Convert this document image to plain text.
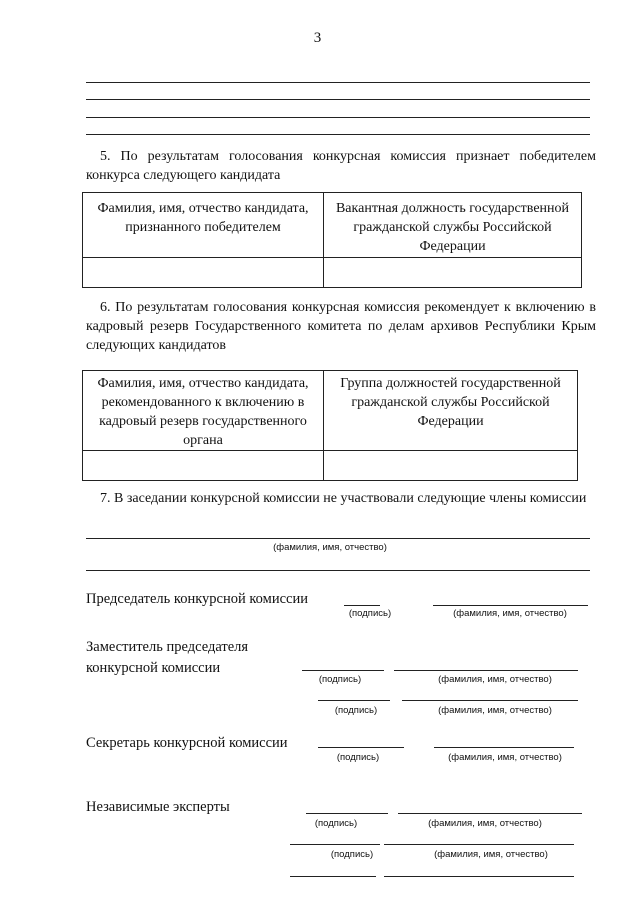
3
5. По результатам голосования конкурсная комиссия признает победителем конкурса следующего кандидата
Фамилия, имя, отчество кандидата, признанного победителем	Вакантная должность государственной гражданской службы Российской Федерации

6. По результатам голосования конкурсная комиссия рекомендует к включению в кадровый резерв Государственного комитета по делам архивов Республики Крым следующих кандидатов
Фамилия, имя, отчество кандидата, рекомендованного к включению в кадровый резерв государственного органа	Группа должностей государственной гражданской службы Российской Федерации

7. В заседании конкурсной комиссии не участвовали следующие члены комиссии
(фамилия, имя, отчество)
Председатель конкурсной комиссии
(подпись)	(фамилия, имя, отчество)
Заместитель председателя конкурсной комиссии
(подпись)	(фамилия, имя, отчество)
(подпись)	(фамилия, имя, отчество)
Секретарь конкурсной комиссии
(подпись)	(фамилия, имя, отчество)
Независимые эксперты
(подпись)	(фамилия, имя, отчество)
(подпись)	(фамилия, имя, отчество)
